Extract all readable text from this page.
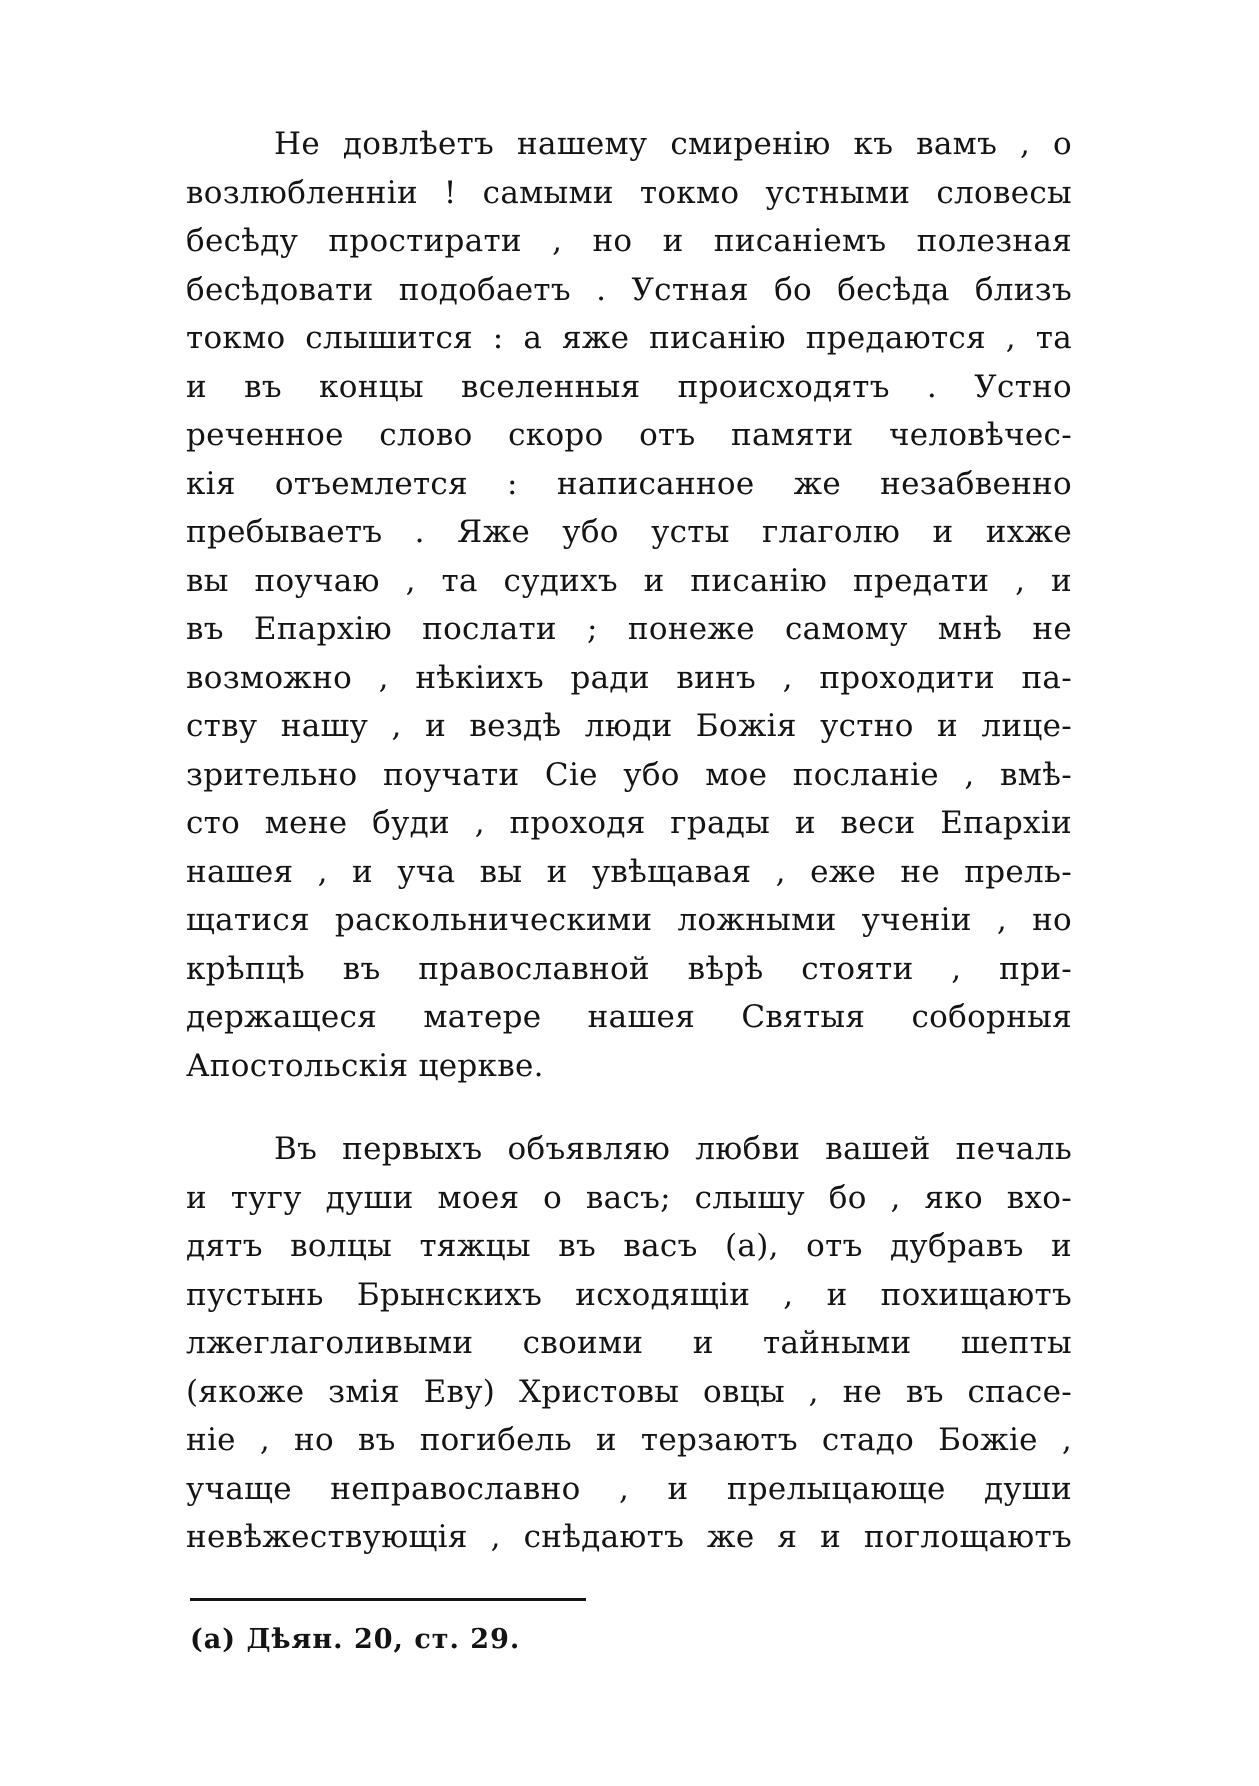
Не довлѣетъ нашему смиренію къ вамъ , о
возлюбленніи ! самыми токмо устными словесы
бесѣду простирати , но и писаніемъ полезная
бесѣдовати подобаетъ . Устная бо бесѣда близъ
токмо слышится : а яже писанію предаются , та
и въ концы вселенныя происходятъ . Устно
реченное слово скоро отъ памяти человѣчес-
кія отъемлется : написанное же незабвенно
пребываетъ . Яже убо усты глаголю и ихже
вы поучаю , та судихъ и писанію предати , и
въ Епархію послати ; понеже самому мнѣ не
возможно , нѣкіихъ ради винъ , проходити па-
ству нашу , и вездѣ люди Божія устно и лице-
зрительно поучати Сіе убо мое посланіе , вмѣ-
сто мене буди , проходя грады и веси Епархіи
нашея , и уча вы и увѣщавая , еже не прель-
щатися раскольническими ложными ученіи , но
крѣпцѣ въ православной вѣрѣ стояти , при-
держащеся матере нашея Святыя соборныя
Апостольскія церкве.
Въ первыхъ объявляю любви вашей печаль
и тугу души моея о васъ; слышу бо , яко вхо-
дятъ волцы тяжцы въ васъ (а), отъ дубравъ и
пустынь Брынскихъ исходящіи , и похищаютъ
лжеглаголивыми своими и тайными шепты
(якоже змія Еву) Христовы овцы , не въ спасе-
ніе , но въ погибель и терзаютъ стадо Божіе ,
учаще неправославно , и прелыцающе души
невѣжествующія , снѣдаютъ же я и поглощаютъ
(а) Дѣян. 20, ст. 29.
